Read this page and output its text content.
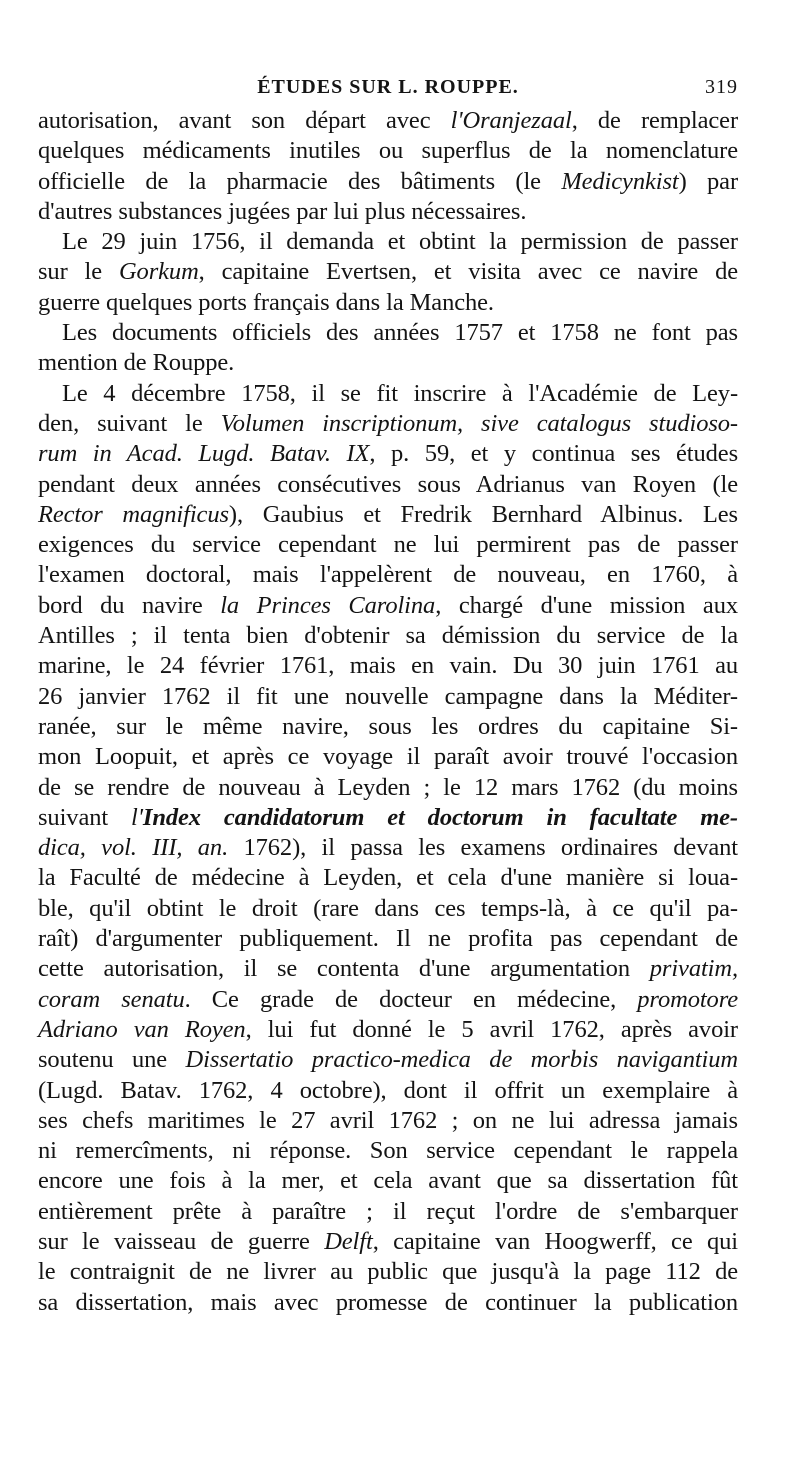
ÉTUDES SUR L. ROUPPE.	319
autorisation, avant son départ avec l'Oranjezaal, de remplacer
quelques médicaments inutiles ou superflus de la nomenclature
officielle de la pharmacie des bâtiments (le Medicynkist) par
d'autres substances jugées par lui plus nécessaires.
Le 29 juin 1756, il demanda et obtint la permission de passer
sur le Gorkum, capitaine Evertsen, et visita avec ce navire de
guerre quelques ports français dans la Manche.
Les documents officiels des années 1757 et 1758 ne font pas
mention de Rouppe.
Le 4 décembre 1758, il se fit inscrire à l'Académie de Ley-
den, suivant le Volumen inscriptionum, sive catalogus studioso-
rum in Acad. Lugd. Batav. IX, p. 59, et y continua ses études
pendant deux années consécutives sous Adrianus van Royen (le
Rector magnificus), Gaubius et Fredrik Bernhard Albinus. Les
exigences du service cependant ne lui permirent pas de passer
l'examen doctoral, mais l'appelèrent de nouveau, en 1760, à
bord du navire la Princes Carolina, chargé d'une mission aux
Antilles ; il tenta bien d'obtenir sa démission du service de la
marine, le 24 février 1761, mais en vain. Du 30 juin 1761 au
26 janvier 1762 il fit une nouvelle campagne dans la Méditer-
ranée, sur le même navire, sous les ordres du capitaine Si-
mon Loopuit, et après ce voyage il paraît avoir trouvé l'occasion
de se rendre de nouveau à Leyden ; le 12 mars 1762 (du moins
suivant l'Index candidatorum et doctorum in facultate me-
dica, vol. III, an. 1762), il passa les examens ordinaires devant
la Faculté de médecine à Leyden, et cela d'une manière si loua-
ble, qu'il obtint le droit (rare dans ces temps-là, à ce qu'il pa-
raît) d'argumenter publiquement. Il ne profita pas cependant de
cette autorisation, il se contenta d'une argumentation privatim,
coram senatu. Ce grade de docteur en médecine, promotore
Adriano van Royen, lui fut donné le 5 avril 1762, après avoir
soutenu une Dissertatio practico-medica de morbis navigantium
(Lugd. Batav. 1762, 4 octobre), dont il offrit un exemplaire à
ses chefs maritimes le 27 avril 1762 ; on ne lui adressa jamais
ni remercîments, ni réponse. Son service cependant le rappela
encore une fois à la mer, et cela avant que sa dissertation fût
entièrement prête à paraître ; il reçut l'ordre de s'embarquer
sur le vaisseau de guerre Delft, capitaine van Hoogwerff, ce qui
le contraignit de ne livrer au public que jusqu'à la page 112 de
sa dissertation, mais avec promesse de continuer la publication
